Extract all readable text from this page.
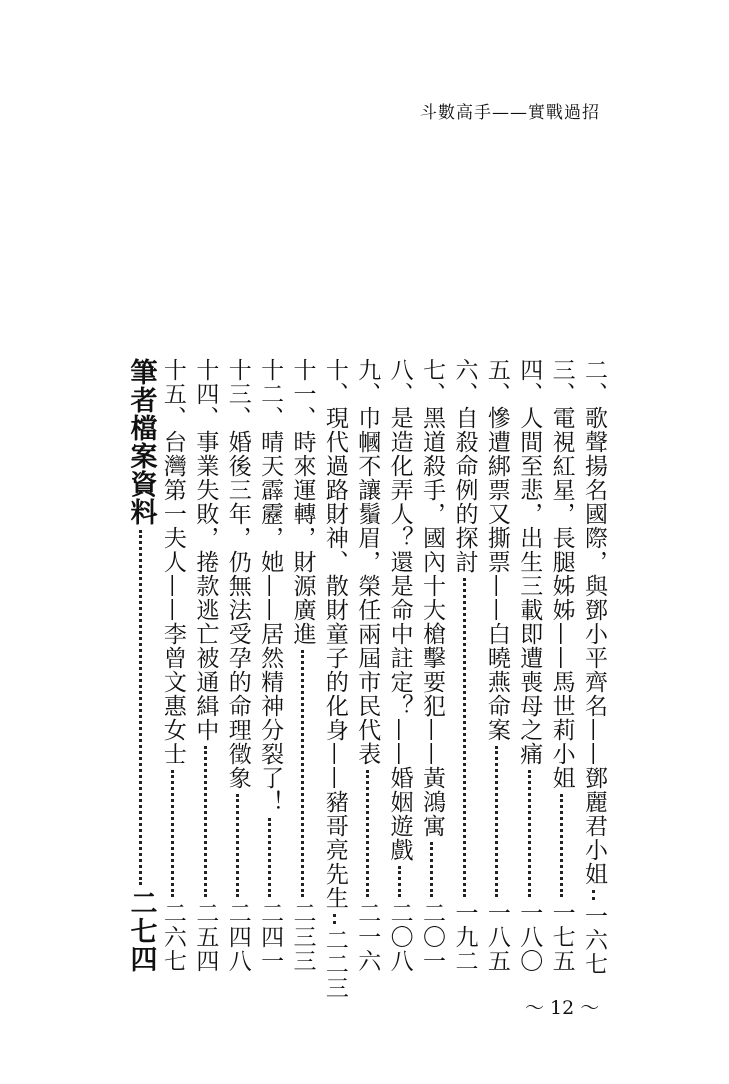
斗數高手——實戰過招
二、歌聲揚名國際，與鄧小平齊名——鄧麗君小姐
一六七
三、電視紅星，長腿姊姊——馬世莉小姐
一七五
四、人間至悲，出生三載即遭喪母之痛
一八〇
五、慘遭綁票又撕票——白曉燕命案
一八五
六、自殺命例的探討
一九二
七、黑道殺手，國內十大槍擊要犯——黃鴻寓
二〇一
八、是造化弄人？還是命中註定？——婚姻遊戲
二〇八
九、巾幗不讓鬚眉，榮任兩屆市民代表
二一六
十、現代過路財神、散財童子的化身——豬哥亮先生
二二三
十一、時來運轉，財源廣進
二三三
十二、晴天霹靂，她——居然精神分裂了！
二四一
十三、婚後三年，仍無法受孕的命理徵象
二四八
十四、事業失敗，捲款逃亡被通緝中
二五四
十五、台灣第一夫人——李曾文惠女士
二六七
筆者檔案資料
二七四
～ 12 ～
